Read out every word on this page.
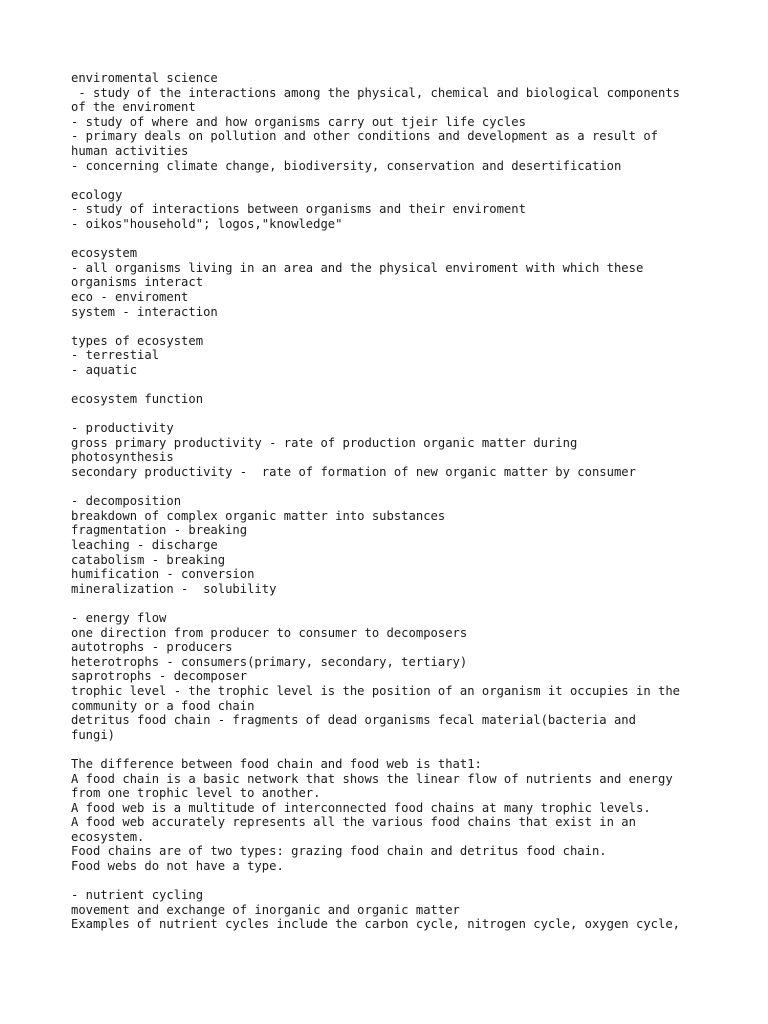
enviromental science
- study of the interactions among the physical, chemical and biological components
of the enviroment
- study of where and how organisms carry out tjeir life cycles
- primary deals on pollution and other conditions and development as a result of
human activities
- concerning climate change, biodiversity, conservation and desertification
ecology
- study of interactions between organisms and their enviroment
- oikos"household"; logos,"knowledge"
ecosystem
- all organisms living in an area and the physical enviroment with which these
organisms interact
eco - enviroment
system - interaction
types of ecosystem
- terrestial
- aquatic
ecosystem function
- productivity
gross primary productivity - rate of production organic matter during
photosynthesis
secondary productivity -  rate of formation of new organic matter by consumer
- decomposition
breakdown of complex organic matter into substances
fragmentation - breaking
leaching - discharge
catabolism - breaking
humification - conversion
mineralization -  solubility
- energy flow
one direction from producer to consumer to decomposers
autotrophs - producers
heterotrophs - consumers(primary, secondary, tertiary)
saprotrophs - decomposer
trophic level - the trophic level is the position of an organism it occupies in the
community or a food chain
detritus food chain - fragments of dead organisms fecal material(bacteria and
fungi)
The difference between food chain and food web is that1:
A food chain is a basic network that shows the linear flow of nutrients and energy
from one trophic level to another.
A food web is a multitude of interconnected food chains at many trophic levels.
A food web accurately represents all the various food chains that exist in an
ecosystem.
Food chains are of two types: grazing food chain and detritus food chain.
Food webs do not have a type.
- nutrient cycling
movement and exchange of inorganic and organic matter
Examples of nutrient cycles include the carbon cycle, nitrogen cycle, oxygen cycle,
